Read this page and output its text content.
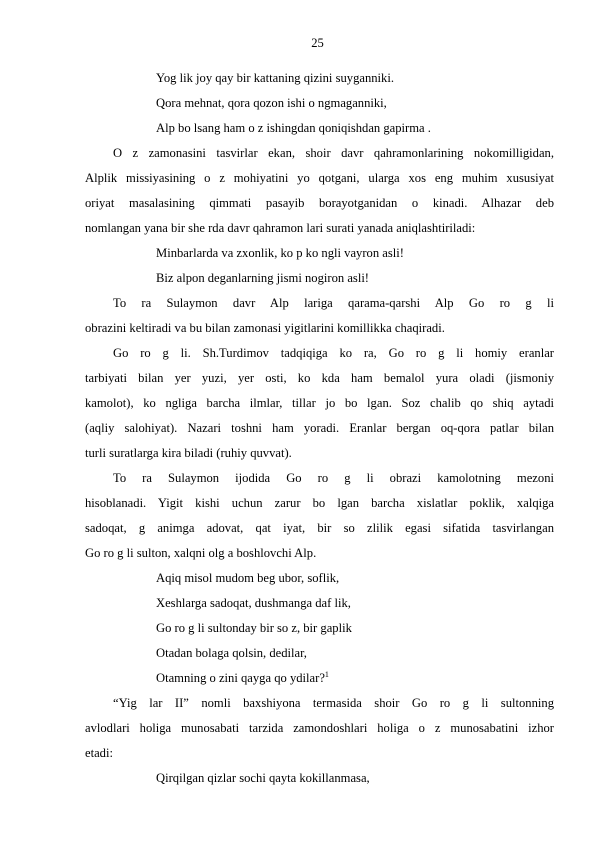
25
Yog lik joy qay bir kattaning qizini suyganniki.
Qora mehnat, qora qozon ishi o ngmaganniki,
Alp bo lsang ham o z ishingdan qoniqishdan gapirma .
O z zamonasini tasvirlar ekan, shoir davr qahramonlarining nokomilligidan,
Alplik missiyasining o z mohiyatini yo qotgani, ularga xos eng muhim xususiyat
oriyat masalasining qimmati pasayib borayotganidan o kinadi. Alhazar deb
nomlangan yana bir she rda davr qahramon lari surati yanada aniqlashtiriladi:
Minbarlarda va zxonlik, ko p ko ngli vayron asli!
Biz alpon deganlarning jismi nogiron asli!
To ra Sulaymon davr Alp lariga qarama-qarshi Alp Go ro g li
obrazini keltiradi va bu bilan zamonasi yigitlarini komillikka chaqiradi.
Go ro g li. Sh.Turdimov tadqiqiga ko ra, Go ro g li homiy eranlar
tarbiyati bilan yer yuzi, yer osti, ko kda ham bemalol yura oladi (jismoniy
kamolot), ko ngliga barcha ilmlar, tillar jo bo lgan. Soz chalib qo shiq aytadi
(aqliy salohiyat). Nazari toshni ham yoradi. Eranlar bergan oq-qora patlar bilan
turli suratlarga kira biladi (ruhiy quvvat).
To ra Sulaymon ijodida Go ro g li obrazi kamolotning mezoni
hisoblanadi. Yigit kishi uchun zarur bo lgan barcha xislatlar poklik, xalqiga
sadoqat, g animga adovat, qat iyat, bir so zlilik egasi sifatida tasvirlangan
Go ro g li sulton, xalqni olg a boshlovchi Alp.
Aqiq misol mudom beg ubor, soflik,
Xeshlarga sadoqat, dushmanga daf lik,
Go ro g li sultonday bir so z, bir gaplik
Otadan bolaga qolsin, dedilar,
Otamning o zini qayga qo ydilar?$^1$
“Yig lar II” nomli baxshiyona termasida shoir Go ro g li sultonning
avlodlari holiga munosabati tarzida zamondoshlari holiga o z munosabatini izhor
etadi:
Qirqilgan qizlar sochi qayta kokillanmasa,
